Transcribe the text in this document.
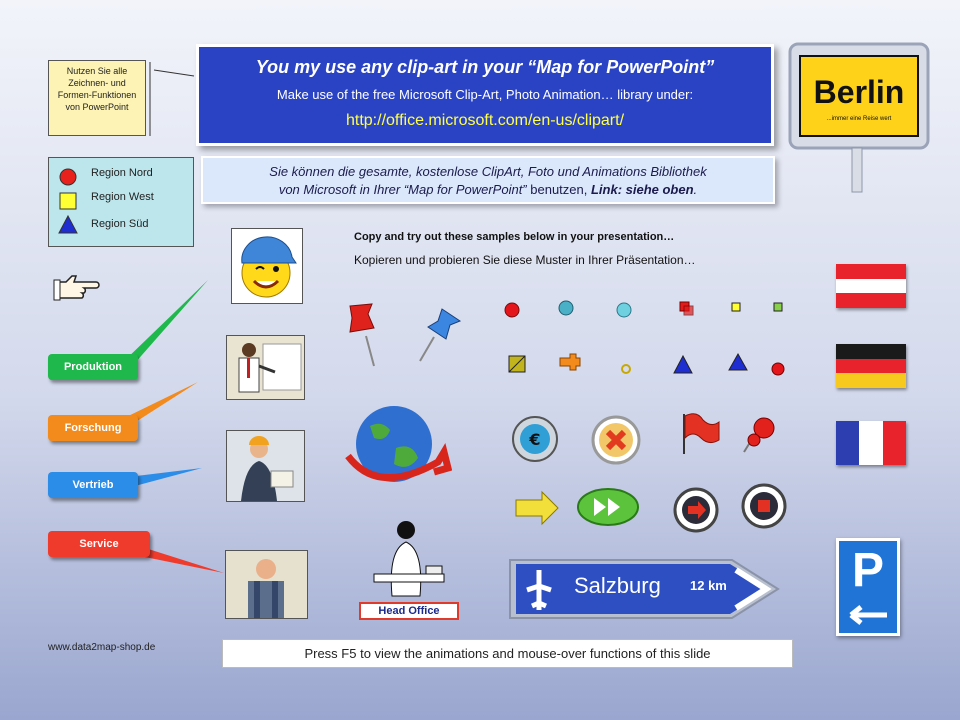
Nutzen Sie alle Zeichnen- und Formen-Funktionen von PowerPoint
You my use any clip-art in your “Map for PowerPoint”
Make use of the free Microsoft Clip-Art, Photo Animation… library under:
http://office.microsoft.com/en-us/clipart/
Sie können die gesamte, kostenlose ClipArt, Foto und Animations Bibliothek
von Microsoft in Ihrer “Map for PowerPoint” benutzen, Link: siehe oben.
Berlin
...immer eine Reise wert
Region Nord
Region West
Region Süd
Produktion
Forschung
Vertrieb
Service
Copy and try out these samples below in your presentation…
Kopieren und probieren Sie diese Muster in Ihrer Präsentation…
Head Office
€
Salzburg 12 km	P
www.data2map-shop.de	Press F5 to view the animations and mouse-over functions of this slide
